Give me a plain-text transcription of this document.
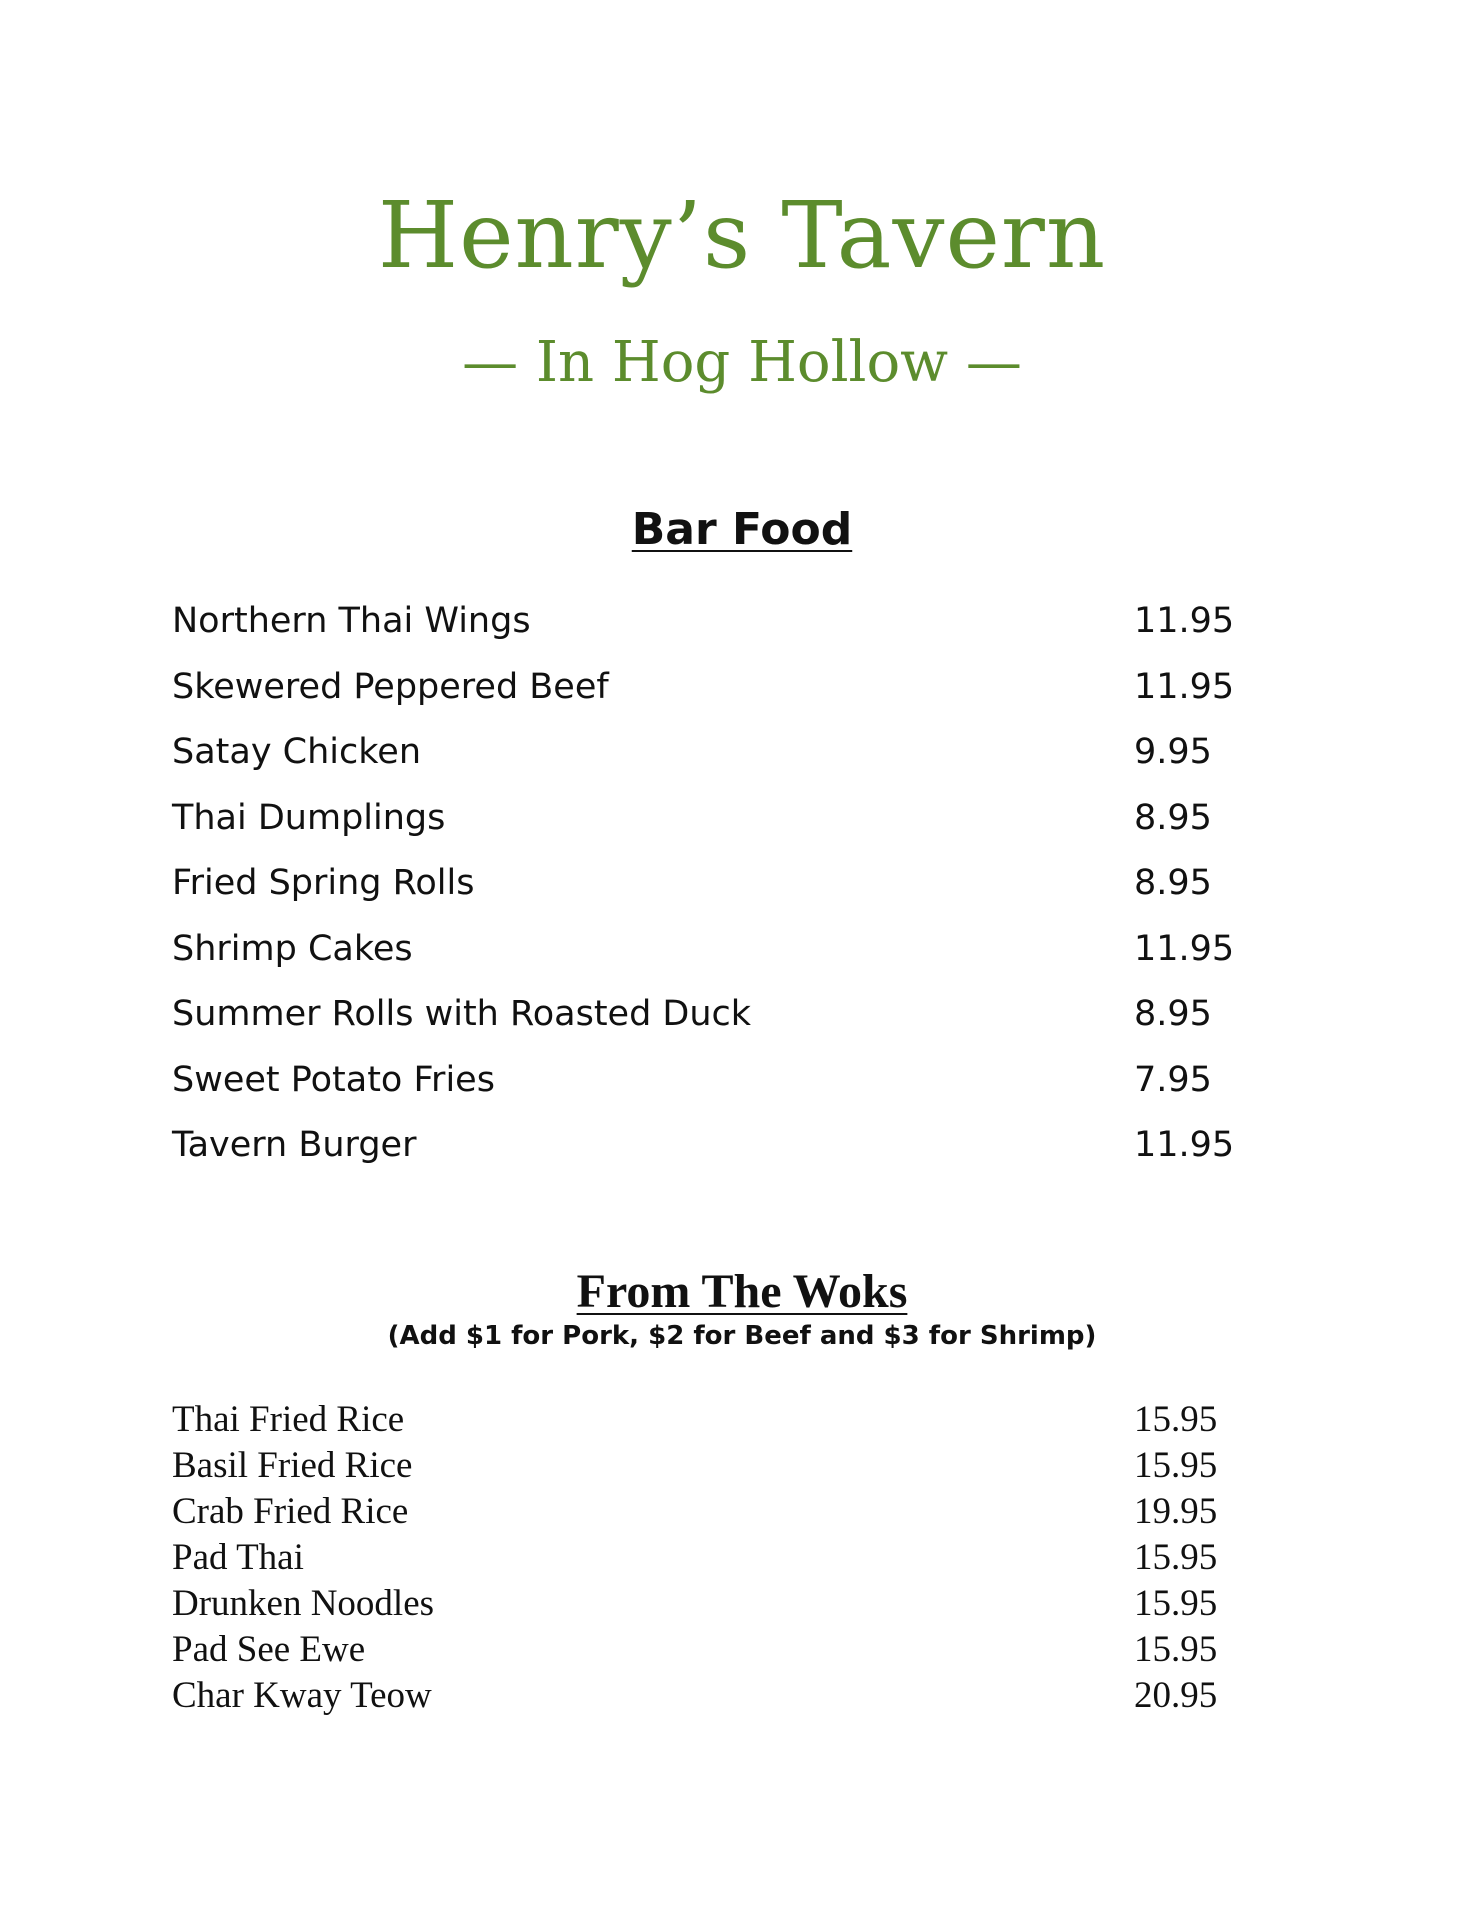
Henry’s Tavern
— In Hog Hollow —
Bar Food
Northern Thai Wings	11.95
Skewered Peppered Beef	11.95
Satay Chicken	9.95
Thai Dumplings	8.95
Fried Spring Rolls	8.95
Shrimp Cakes	11.95
Summer Rolls with Roasted Duck	8.95
Sweet Potato Fries	7.95
Tavern Burger	11.95
From The Woks
(Add $1 for Pork, $2 for Beef and $3 for Shrimp)
Thai Fried Rice	15.95
Basil Fried Rice	15.95
Crab Fried Rice	19.95
Pad Thai	15.95
Drunken Noodles	15.95
Pad See Ewe	15.95
Char Kway Teow	20.95
